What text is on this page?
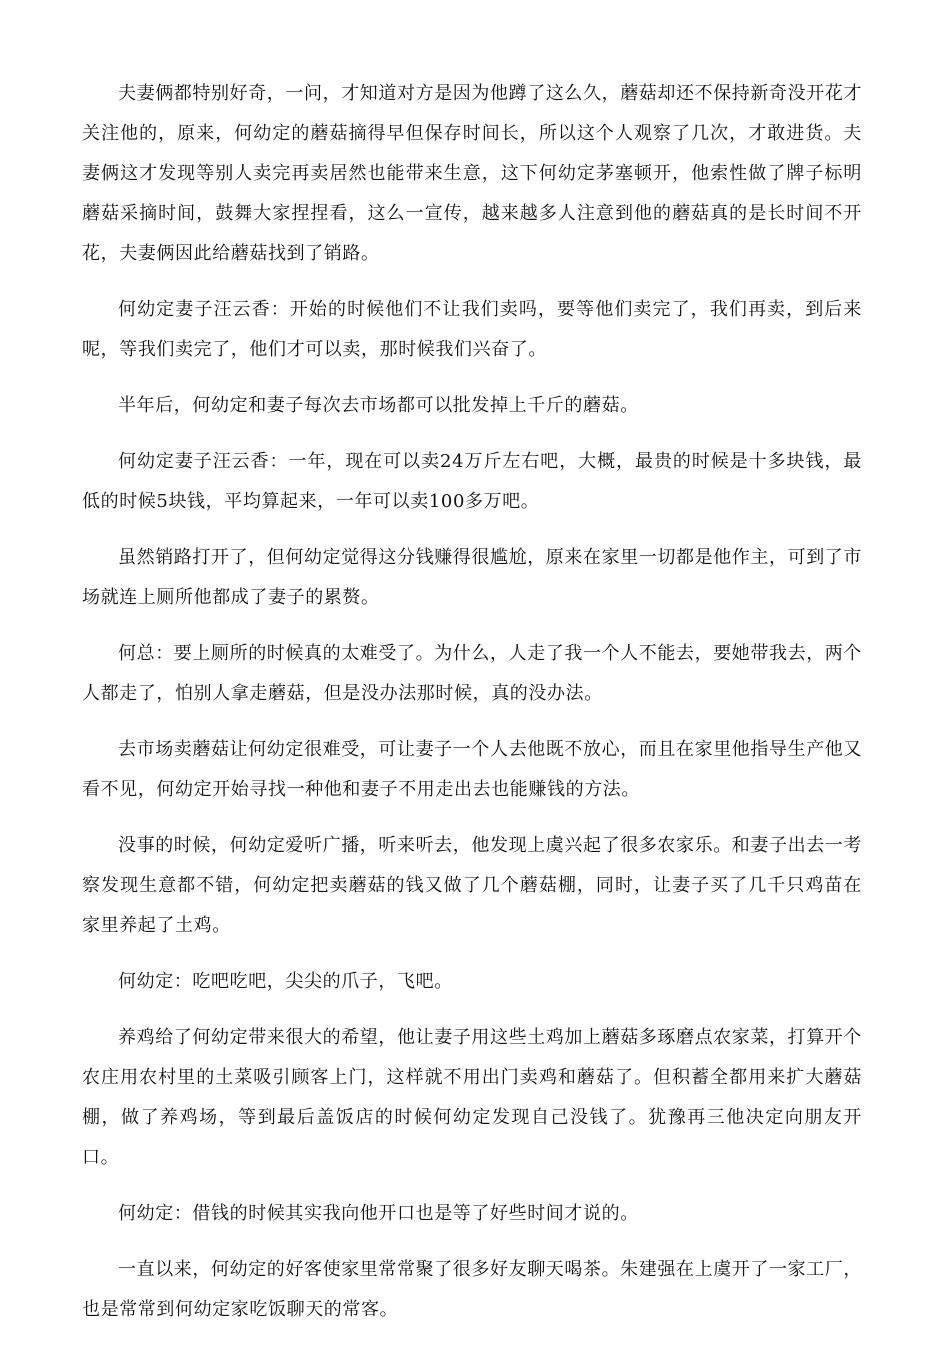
夫妻俩都特别好奇，一问，才知道对方是因为他蹲了这么久，蘑菇却还不保持新奇没开花才关注他的，原来，何幼定的蘑菇摘得早但保存时间长，所以这个人观察了几次，才敢进货。夫妻俩这才发现等别人卖完再卖居然也能带来生意，这下何幼定茅塞顿开，他索性做了牌子标明蘑菇采摘时间，鼓舞大家捏捏看，这么一宣传，越来越多人注意到他的蘑菇真的是长时间不开花，夫妻俩因此给蘑菇找到了销路。

何幼定妻子汪云香：开始的时候他们不让我们卖吗，要等他们卖完了，我们再卖，到后来呢，等我们卖完了，他们才可以卖，那时候我们兴奋了。

半年后，何幼定和妻子每次去市场都可以批发掉上千斤的蘑菇。

何幼定妻子汪云香：一年，现在可以卖24万斤左右吧，大概，最贵的时候是十多块钱，最低的时候5块钱，平均算起来，一年可以卖100多万吧。

虽然销路打开了，但何幼定觉得这分钱赚得很尴尬，原来在家里一切都是他作主，可到了市场就连上厕所他都成了妻子的累赘。

何总：要上厕所的时候真的太难受了。为什么，人走了我一个人不能去，要她带我去，两个人都走了，怕别人拿走蘑菇，但是没办法那时候，真的没办法。

去市场卖蘑菇让何幼定很难受，可让妻子一个人去他既不放心，而且在家里他指导生产他又看不见，何幼定开始寻找一种他和妻子不用走出去也能赚钱的方法。

没事的时候，何幼定爱听广播，听来听去，他发现上虞兴起了很多农家乐。和妻子出去一考察发现生意都不错，何幼定把卖蘑菇的钱又做了几个蘑菇棚，同时，让妻子买了几千只鸡苗在家里养起了土鸡。

何幼定：吃吧吃吧，尖尖的爪子，飞吧。

养鸡给了何幼定带来很大的希望，他让妻子用这些土鸡加上蘑菇多琢磨点农家菜，打算开个农庄用农村里的土菜吸引顾客上门，这样就不用出门卖鸡和蘑菇了。但积蓄全都用来扩大蘑菇棚，做了养鸡场，等到最后盖饭店的时候何幼定发现自己没钱了。犹豫再三他决定向朋友开口。

何幼定：借钱的时候其实我向他开口也是等了好些时间才说的。

一直以来，何幼定的好客使家里常常聚了很多好友聊天喝茶。朱建强在上虞开了一家工厂，也是常常到何幼定家吃饭聊天的常客。
